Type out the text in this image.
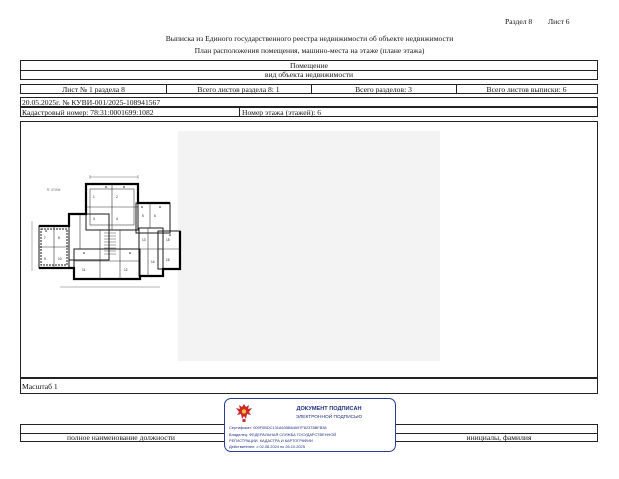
Раздел 8 Лист 6
Выписка из Единого государственного реестра недвижимости об объекте недвижимости
План расположения помещения, машино-места на этаже (плане этажа)
Помещение
вид объекта недвижимости
Лист № 1 раздела 8	Всего листов раздела 8: 1	Всего разделов: 3	Всего листов выписки: 6
20.05.2025г. № КУВИ-001/2025-108941567
Кадастровый номер: 78:31:0001699:1082	Номер этажа (этажей): 6
6 этаж
1	2
3	4
5	6
7	8
9	10
11	12
13
14
15
16
Масштаб 1
полное наименование должности	инициалы, фамилия
ДОКУМЕНТ ПОДПИСАН
ЭЛЕКТРОННОЙ ПОДПИСЬЮ
Сертификат: 009F0BDC131A635B64597F82378BFB38
Владелец: ФЕДЕРАЛЬНАЯ СЛУЖБА ГОСУДАРСТВЕННОЙ
РЕГИСТРАЦИИ, КАДАСТРА И КАРТОГРАФИИ
Действителен: с 02.08.2024 по 26.10.2025
